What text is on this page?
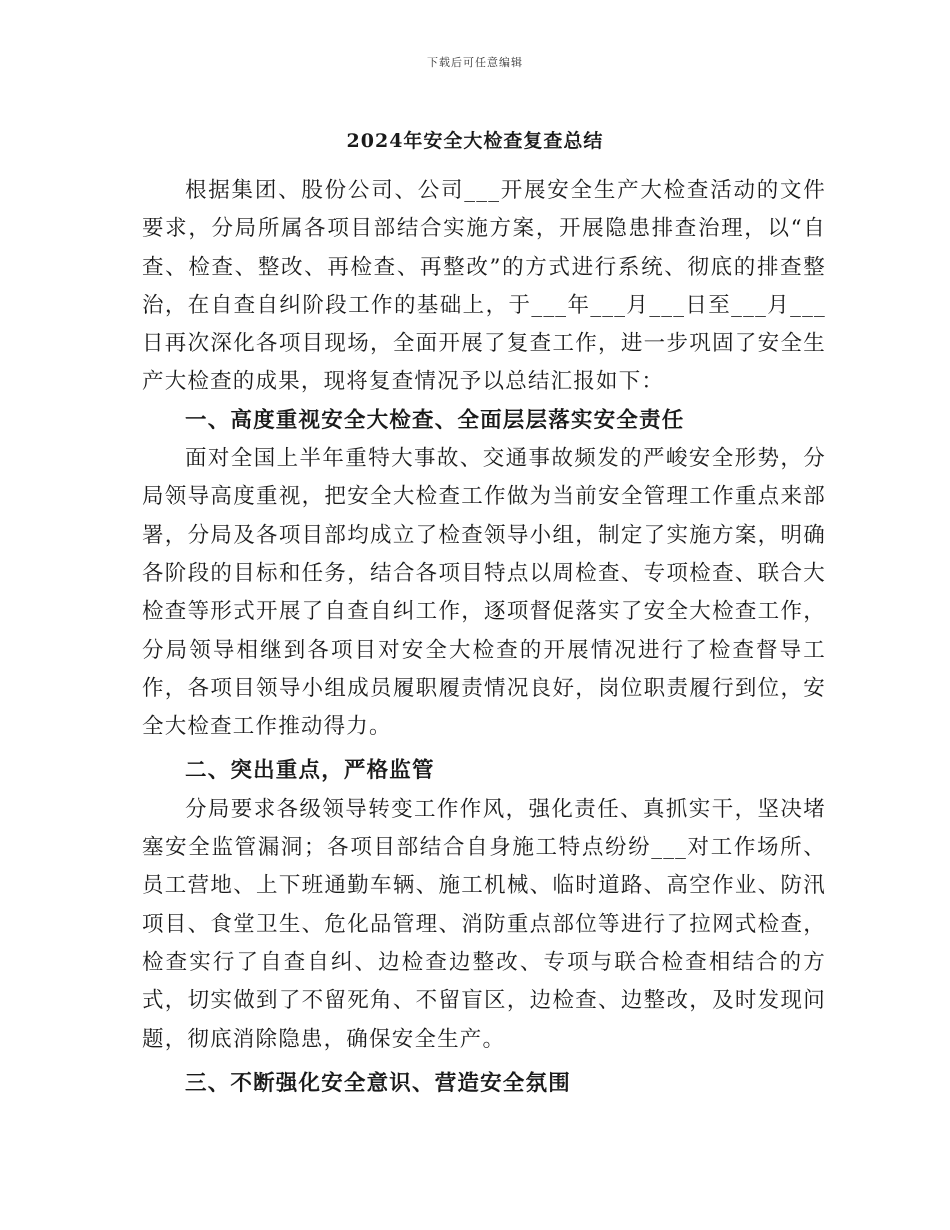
下载后可任意编辑
2024年安全大检查复查总结

根据集团、股份公司、公司___开展安全生产大检查活动的文件要求，分局所属各项目部结合实施方案，开展隐患排查治理，以“自查、检查、整改、再检查、再整改”的方式进行系统、彻底的排查整治，在自查自纠阶段工作的基础上，于___年___月___日至___月___日再次深化各项目现场，全面开展了复查工作，进一步巩固了安全生产大检查的成果，现将复查情况予以总结汇报如下：

一、高度重视安全大检查、全面层层落实安全责任

面对全国上半年重特大事故、交通事故频发的严峻安全形势，分局领导高度重视，把安全大检查工作做为当前安全管理工作重点来部署，分局及各项目部均成立了检查领导小组，制定了实施方案，明确各阶段的目标和任务，结合各项目特点以周检查、专项检查、联合大检查等形式开展了自查自纠工作，逐项督促落实了安全大检查工作，分局领导相继到各项目对安全大检查的开展情况进行了检查督导工作，各项目领导小组成员履职履责情况良好，岗位职责履行到位，安全大检查工作推动得力。

二、突出重点，严格监管

分局要求各级领导转变工作作风，强化责任、真抓实干，坚决堵塞安全监管漏洞；各项目部结合自身施工特点纷纷___对工作场所、员工营地、上下班通勤车辆、施工机械、临时道路、高空作业、防汛项目、食堂卫生、危化品管理、消防重点部位等进行了拉网式检查，检查实行了自查自纠、边检查边整改、专项与联合检查相结合的方式，切实做到了不留死角、不留盲区，边检查、边整改，及时发现问题，彻底消除隐患，确保安全生产。

三、不断强化安全意识、营造安全氛围
